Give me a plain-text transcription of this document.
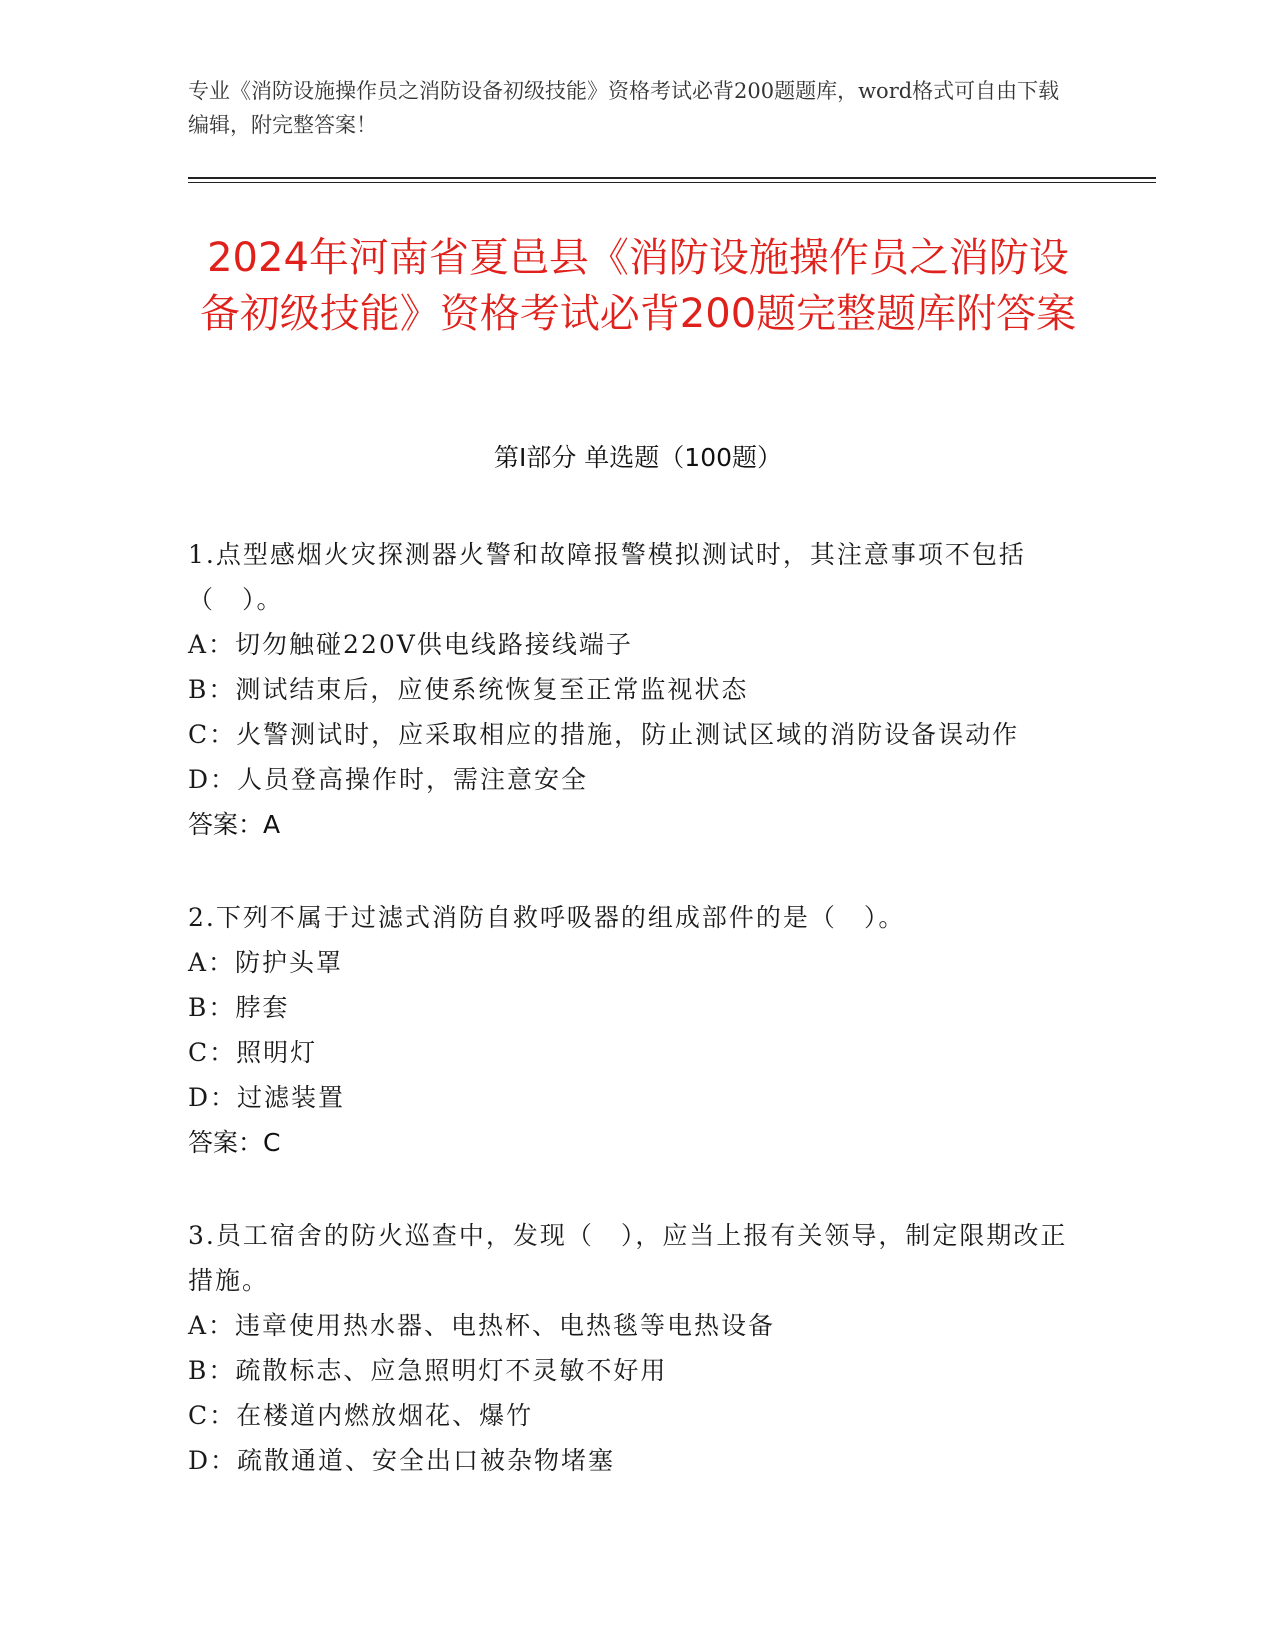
专业《消防设施操作员之消防设备初级技能》资格考试必背200题题库，word格式可自由下载编辑，附完整答案！
2024年河南省夏邑县《消防设施操作员之消防设备初级技能》资格考试必背200题完整题库附答案
第I部分 单选题（100题）
1.点型感烟火灾探测器火警和故障报警模拟测试时，其注意事项不包括（　）。
A：切勿触碰220V供电线路接线端子
B：测试结束后，应使系统恢复至正常监视状态
C：火警测试时，应采取相应的措施，防止测试区域的消防设备误动作
D：人员登高操作时，需注意安全
答案：A
2.下列不属于过滤式消防自救呼吸器的组成部件的是（　）。
A：防护头罩
B：脖套
C：照明灯
D：过滤装置
答案：C
3.员工宿舍的防火巡查中，发现（　），应当上报有关领导，制定限期改正措施。
A：违章使用热水器、电热杯、电热毯等电热设备
B：疏散标志、应急照明灯不灵敏不好用
C：在楼道内燃放烟花、爆竹
D：疏散通道、安全出口被杂物堵塞
